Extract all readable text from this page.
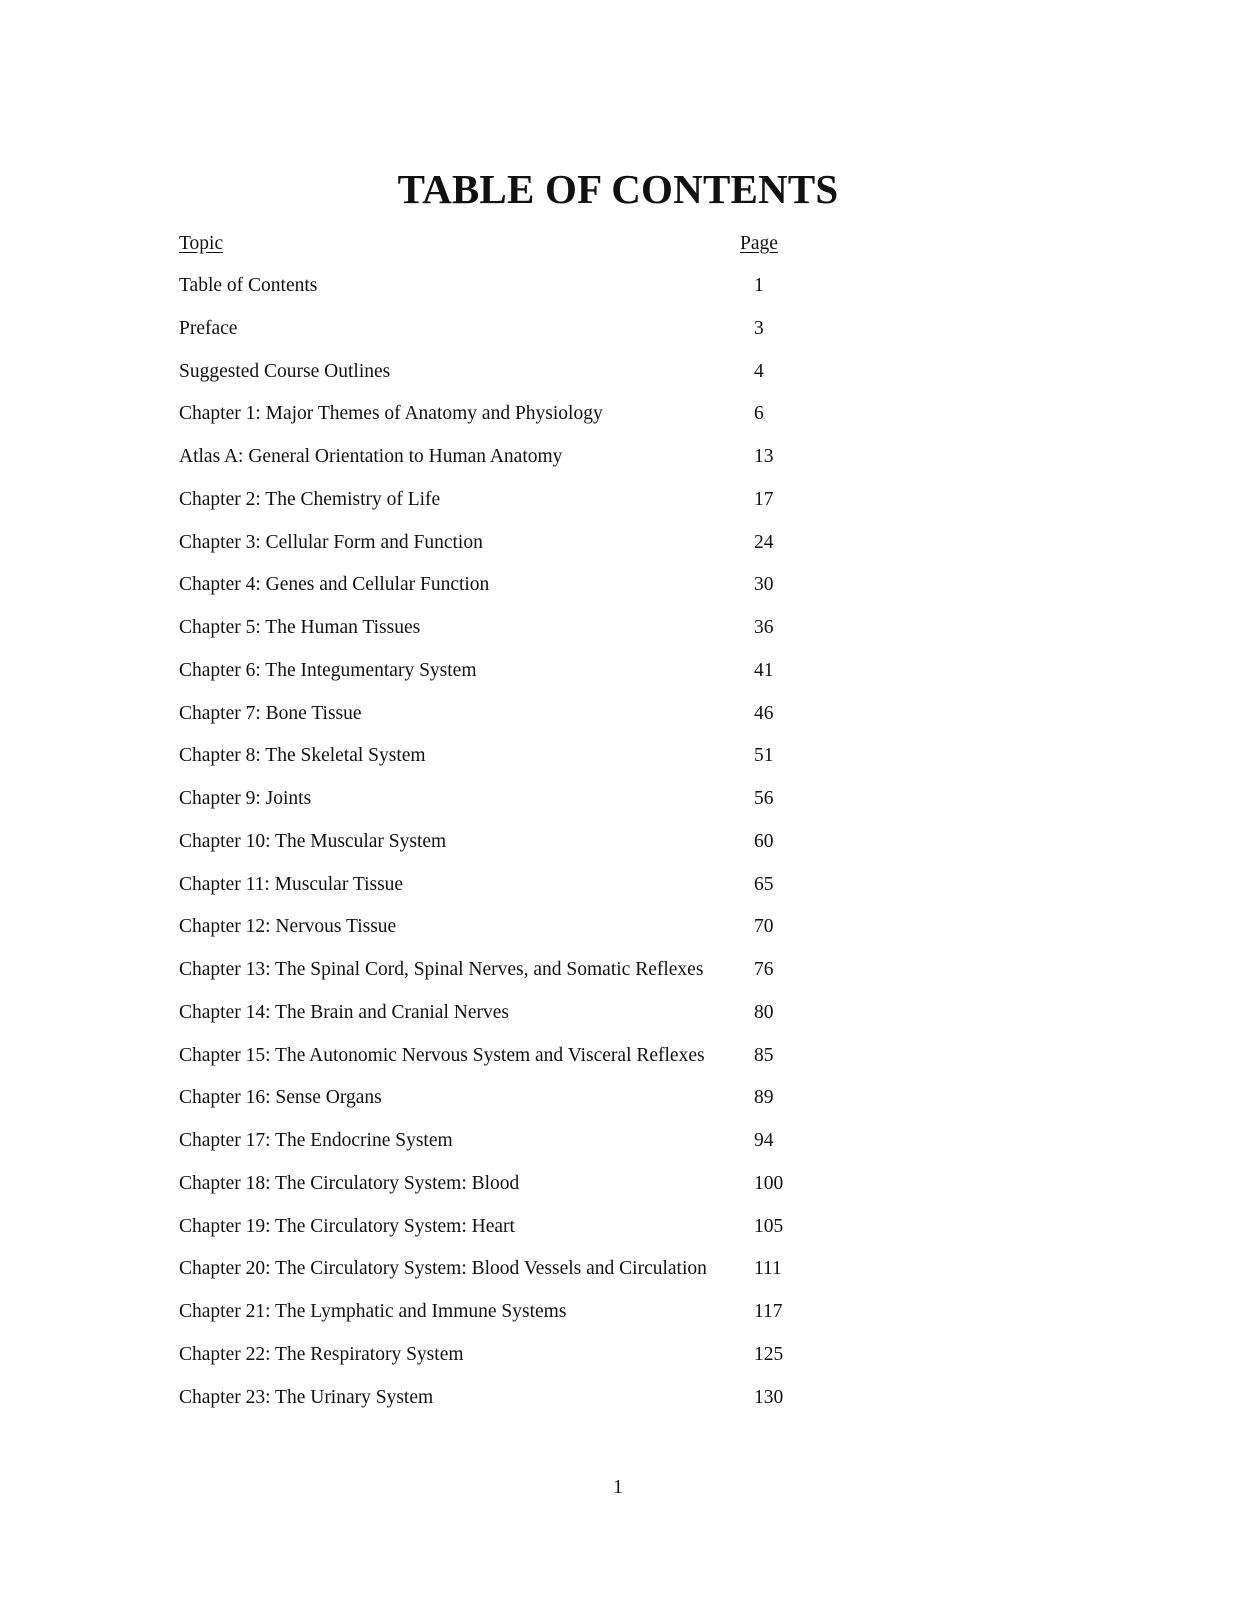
TABLE OF CONTENTS
Topic	Page
Table of Contents	1
Preface	3
Suggested Course Outlines	4
Chapter 1: Major Themes of Anatomy and Physiology	6
Atlas A: General Orientation to Human Anatomy	13
Chapter 2: The Chemistry of Life	17
Chapter 3: Cellular Form and Function	24
Chapter 4: Genes and Cellular Function	30
Chapter 5: The Human Tissues	36
Chapter 6: The Integumentary System	41
Chapter 7: Bone Tissue	46
Chapter 8: The Skeletal System	51
Chapter 9: Joints	56
Chapter 10: The Muscular System	60
Chapter 11: Muscular Tissue	65
Chapter 12: Nervous Tissue	70
Chapter 13: The Spinal Cord, Spinal Nerves, and Somatic Reflexes	76
Chapter 14: The Brain and Cranial Nerves	80
Chapter 15: The Autonomic Nervous System and Visceral Reflexes	85
Chapter 16: Sense Organs	89
Chapter 17: The Endocrine System	94
Chapter 18: The Circulatory System: Blood	100
Chapter 19: The Circulatory System: Heart	105
Chapter 20: The Circulatory System: Blood Vessels and Circulation 111
Chapter 21: The Lymphatic and Immune Systems	117
Chapter 22: The Respiratory System	125
Chapter 23: The Urinary System	130
1
